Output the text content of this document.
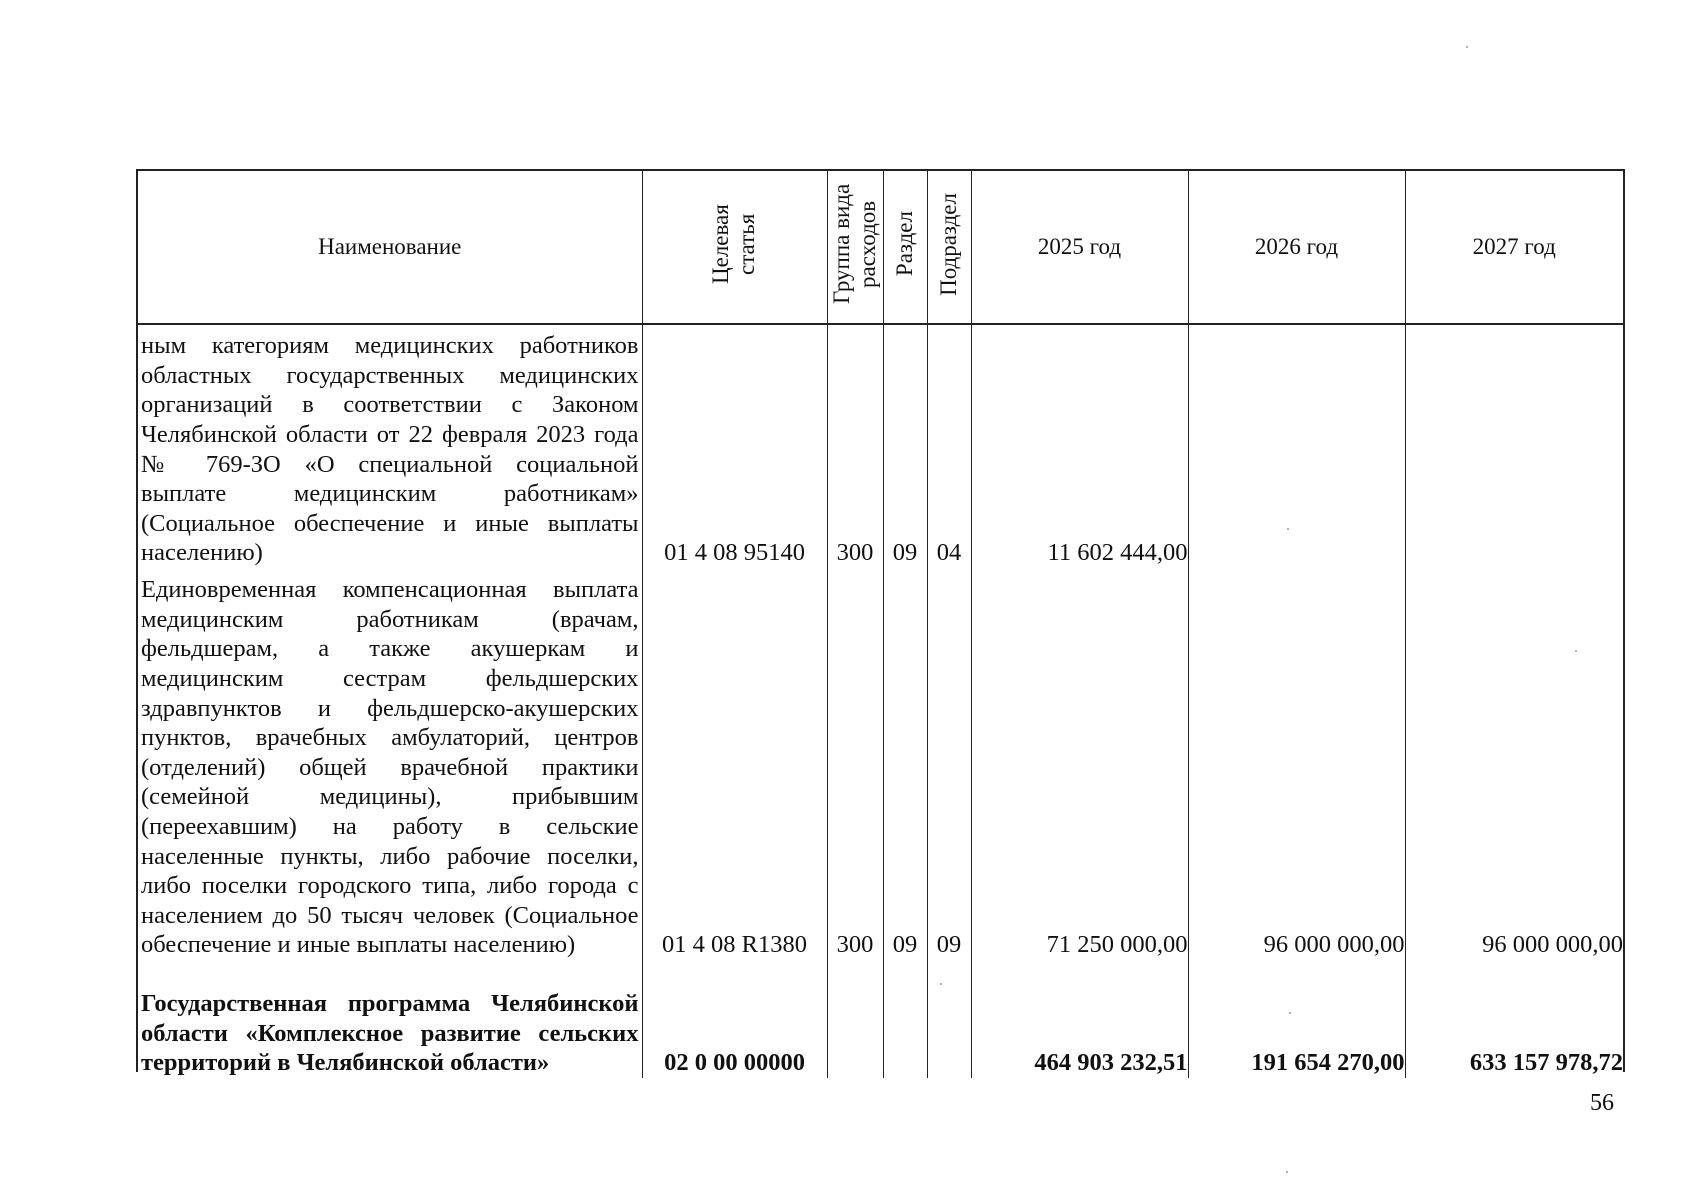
Наименование	Целевая статья	Группа вида расходов	Раздел	Подраздел	2025 год	2026 год	2027 год

ным категориям медицинских работников областных государственных медицинских организаций в соответствии с Законом Челябинской области от 22 февраля 2023 года № 769-ЗО «О специальной социальной выплате медицинским работникам» (Социальное обеспечение и иные выплаты населению)	01 4 08 95140	300	09	04	11 602 444,00		

Единовременная компенсационная выплата медицинским работникам (врачам, фельдшерам, а также акушеркам и медицинским сестрам фельдшерских здравпунктов и фельдшерско-акушерских пунктов, врачебных амбулаторий, центров (отделений) общей врачебной практики (семейной медицины), прибывшим (переехавшим) на работу в сельские населенные пункты, либо рабочие поселки, либо поселки городского типа, либо города с населением до 50 тысяч человек (Социальное обеспечение и иные выплаты населению)	01 4 08 R1380	300	09	09	71 250 000,00	96 000 000,00	96 000 000,00

Государственная программа Челябинской области «Комплексное развитие сельских территорий в Челябинской области»	02 0 00 00000				464 903 232,51	191 654 270,00	633 157 978,72
56
